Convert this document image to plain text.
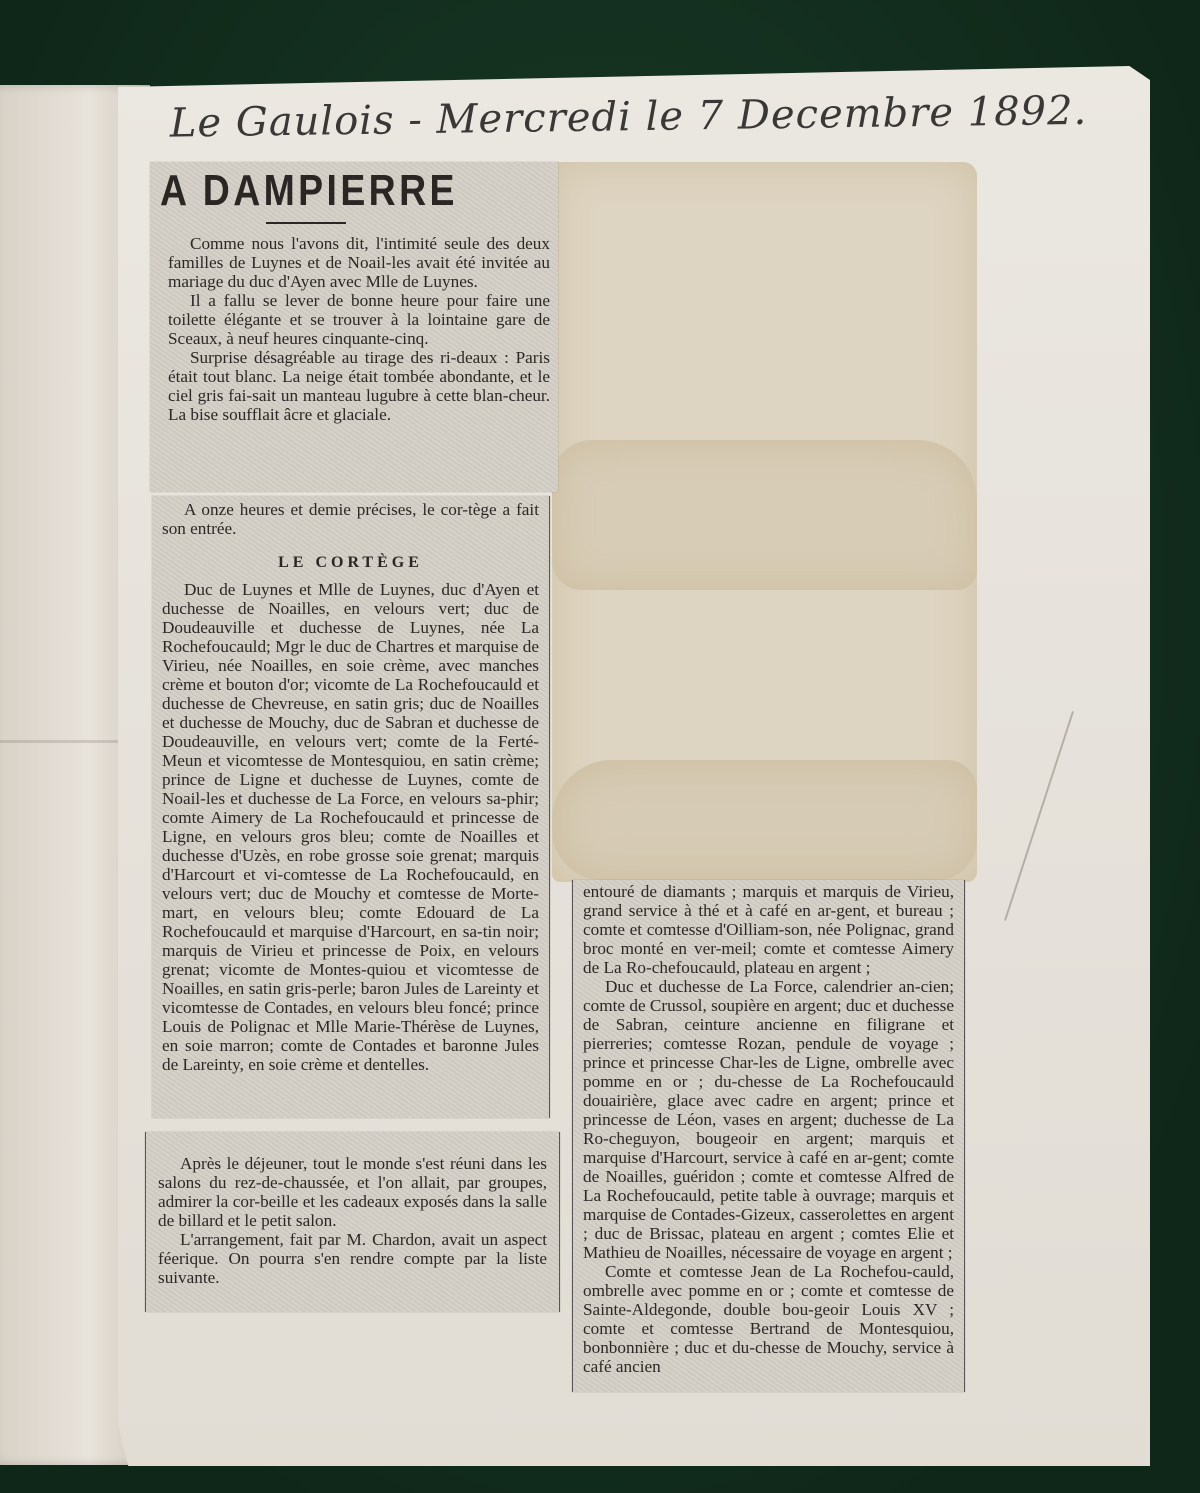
Le Gaulois - Mercredi le 7 Decembre 1892.
A DAMPIERRE

Comme nous l'avons dit, l'intimité seule des deux familles de Luynes et de Noail-les avait été invitée au mariage du duc d'Ayen avec Mlle de Luynes.

Il a fallu se lever de bonne heure pour faire une toilette élégante et se trouver à la lointaine gare de Sceaux, à neuf heures cinquante-cinq.

Surprise désagréable au tirage des ri-deaux : Paris était tout blanc. La neige était tombée abondante, et le ciel gris fai-sait un manteau lugubre à cette blan-cheur. La bise soufflait âcre et glaciale.

A onze heures et demie précises, le cor-tège a fait son entrée.

LE CORTÈGE

Duc de Luynes et Mlle de Luynes, duc d'Ayen et duchesse de Noailles, en velours vert; duc de Doudeauville et duchesse de Luynes, née La Rochefoucauld; Mgr le duc de Chartres et marquise de Virieu, née Noailles, en soie crème, avec manches crème et bouton d'or; vicomte de La Rochefoucauld et duchesse de Chevreuse, en satin gris; duc de Noailles et duchesse de Mouchy, duc de Sabran et duchesse de Doudeauville, en velours vert; comte de la Ferté-Meun et vicomtesse de Montesquiou, en satin crème; prince de Ligne et duchesse de Luynes, comte de Noail-les et duchesse de La Force, en velours sa-phir; comte Aimery de La Rochefoucauld et princesse de Ligne, en velours gros bleu; comte de Noailles et duchesse d'Uzès, en robe grosse soie grenat; marquis d'Harcourt et vi-comtesse de La Rochefoucauld, en velours vert; duc de Mouchy et comtesse de Morte-mart, en velours bleu; comte Edouard de La Rochefoucauld et marquise d'Harcourt, en sa-tin noir; marquis de Virieu et princesse de Poix, en velours grenat; vicomte de Montes-quiou et vicomtesse de Noailles, en satin gris-perle; baron Jules de Lareinty et vicomtesse de Contades, en velours bleu foncé; prince Louis de Polignac et Mlle Marie-Thérèse de Luynes, en soie marron; comte de Contades et baronne Jules de Lareinty, en soie crème et dentelles.

Après le déjeuner, tout le monde s'est réuni dans les salons du rez-de-chaussée, et l'on allait, par groupes, admirer la cor-beille et les cadeaux exposés dans la salle de billard et le petit salon.

L'arrangement, fait par M. Chardon, avait un aspect féerique. On pourra s'en rendre compte par la liste suivante.

entouré de diamants ; marquis et marquis de Virieu, grand service à thé et à café en ar-gent, et bureau ; comte et comtesse d'Oilliam-son, née Polignac, grand broc monté en ver-meil; comte et comtesse Aimery de La Ro-chefoucauld, plateau en argent ;

Duc et duchesse de La Force, calendrier an-cien; comte de Crussol, soupière en argent; duc et duchesse de Sabran, ceinture ancienne en filigrane et pierreries; comtesse Rozan, pendule de voyage ; prince et princesse Char-les de Ligne, ombrelle avec pomme en or ; du-chesse de La Rochefoucauld douairière, glace avec cadre en argent; prince et princesse de Léon, vases en argent; duchesse de La Ro-cheguyon, bougeoir en argent; marquis et marquise d'Harcourt, service à café en ar-gent; comte de Noailles, guéridon ; comte et comtesse Alfred de La Rochefoucauld, petite table à ouvrage; marquis et marquise de Contades-Gizeux, casserolettes en argent ; duc de Brissac, plateau en argent ; comtes Elie et Mathieu de Noailles, nécessaire de voyage en argent ;

Comte et comtesse Jean de La Rochefou-cauld, ombrelle avec pomme en or ; comte et comtesse de Sainte-Aldegonde, double bou-geoir Louis XV ; comte et comtesse Bertrand de Montesquiou, bonbonnière ; duc et du-chesse de Mouchy, service à café ancien
